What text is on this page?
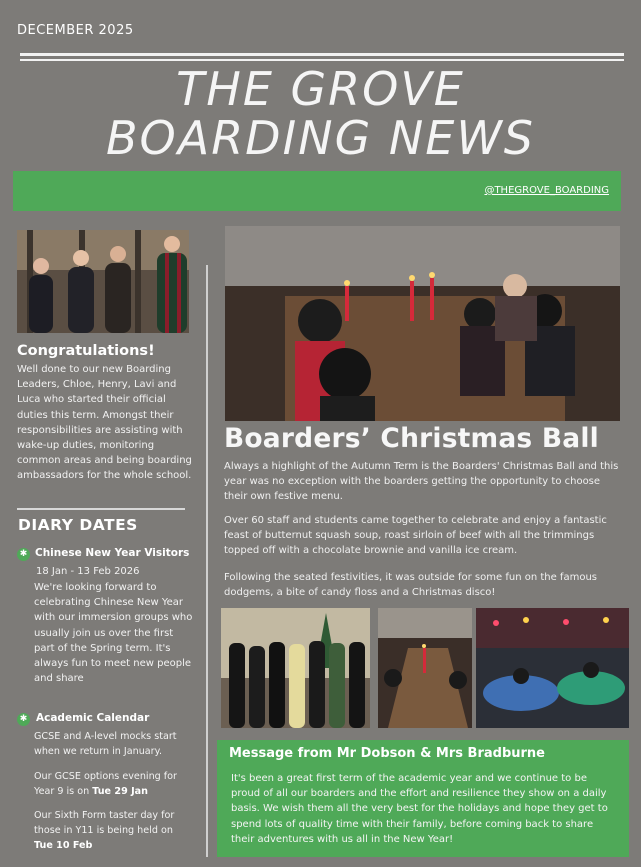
DECEMBER 2025
THE GROVE
BOARDING NEWS
@THEGROVE_BOARDING
Congratulations!
Well done to our new Boarding Leaders, Chloe, Henry, Lavi and Luca who started their official duties this term. Amongst their responsibilities are assisting with wake-up duties, monitoring common areas and being boarding ambassadors for the whole school.
DIARY DATES
✱ Chinese New Year Visitors
18 Jan - 13 Feb 2026
We're looking forward to celebrating Chinese New Year with our immersion groups who usually join us over the first part of the Spring term. It's always fun to meet new people and share
✱ Academic Calendar
GCSE and A-level mocks start when we return in January.
Our GCSE options evening for Year 9 is on Tue 29 Jan
Our Sixth Form taster day for those in Y11 is being held on Tue 10 Feb
Boarders’ Christmas Ball
Always a highlight of the Autumn Term is the Boarders' Christmas Ball and this year was no exception with the boarders getting the opportunity to choose their own festive menu.
Over 60 staff and students came together to celebrate and enjoy a fantastic feast of butternut squash soup, roast sirloin of beef with all the trimmings topped off with a chocolate brownie and vanilla ice cream.
Following the seated festivities, it was outside for some fun on the famous dodgems, a bite of candy floss and a Christmas disco!
Message from Mr Dobson & Mrs Bradburne
It's been a great first term of the academic year and we continue to be proud of all our boarders and the effort and resilience they show on a daily basis. We wish them all the very best for the holidays and hope they get to spend lots of quality time with their family, before coming back to share their adventures with us all in the New Year!
